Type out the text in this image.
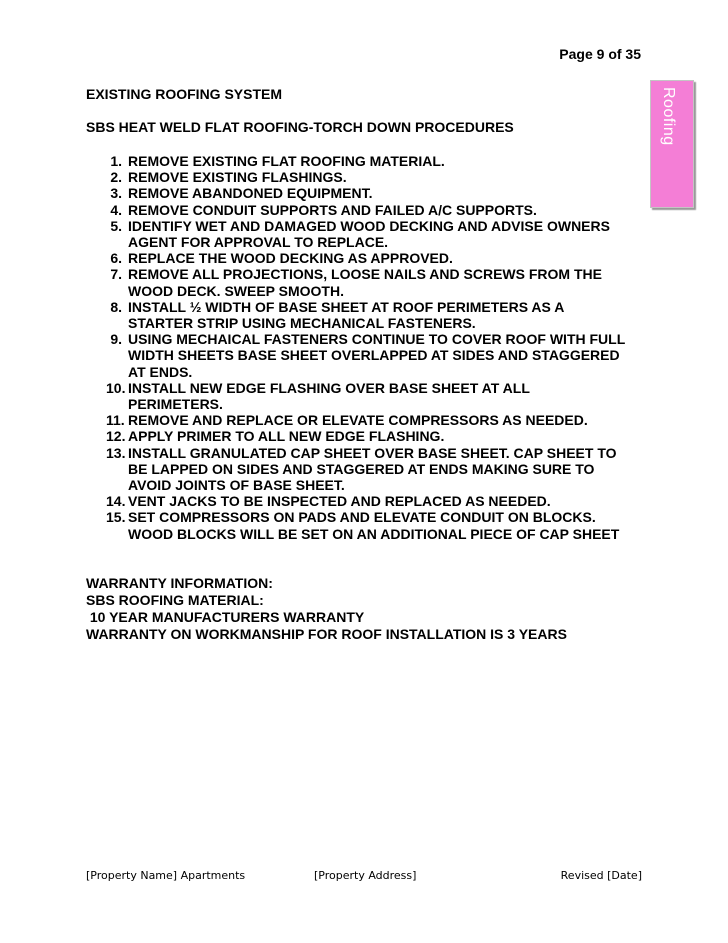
Page 9 of 35
Roofing
EXISTING ROOFING SYSTEM
SBS HEAT WELD FLAT ROOFING-TORCH DOWN PROCEDURES
1. REMOVE EXISTING FLAT ROOFING MATERIAL.
2. REMOVE EXISTING FLASHINGS.
3. REMOVE ABANDONED EQUIPMENT.
4. REMOVE CONDUIT SUPPORTS AND FAILED A/C SUPPORTS.
5. IDENTIFY WET AND DAMAGED WOOD DECKING AND ADVISE OWNERS
AGENT FOR APPROVAL TO REPLACE.
6. REPLACE THE WOOD DECKING AS APPROVED.
7. REMOVE ALL PROJECTIONS, LOOSE NAILS AND SCREWS FROM THE
WOOD DECK. SWEEP SMOOTH.
8. INSTALL ½ WIDTH OF BASE SHEET AT ROOF PERIMETERS AS A
STARTER STRIP USING MECHANICAL FASTENERS.
9. USING MECHAICAL FASTENERS CONTINUE TO COVER ROOF WITH FULL
WIDTH SHEETS BASE SHEET OVERLAPPED AT SIDES AND STAGGERED
AT ENDS.
10. INSTALL NEW EDGE FLASHING OVER BASE SHEET AT ALL
PERIMETERS.
11. REMOVE AND REPLACE OR ELEVATE COMPRESSORS AS NEEDED.
12. APPLY PRIMER TO ALL NEW EDGE FLASHING.
13. INSTALL GRANULATED CAP SHEET OVER BASE SHEET. CAP SHEET TO
BE LAPPED ON SIDES AND STAGGERED AT ENDS MAKING SURE TO
AVOID JOINTS OF BASE SHEET.
14. VENT JACKS TO BE INSPECTED AND REPLACED AS NEEDED.
15. SET COMPRESSORS ON PADS AND ELEVATE CONDUIT ON BLOCKS.
WOOD BLOCKS WILL BE SET ON AN ADDITIONAL PIECE OF CAP SHEET
WARRANTY INFORMATION:
SBS ROOFING MATERIAL:
10 YEAR MANUFACTURERS WARRANTY
WARRANTY ON WORKMANSHIP FOR ROOF INSTALLATION IS 3 YEARS
[Property Name] Apartments	[Property Address]	Revised [Date]
